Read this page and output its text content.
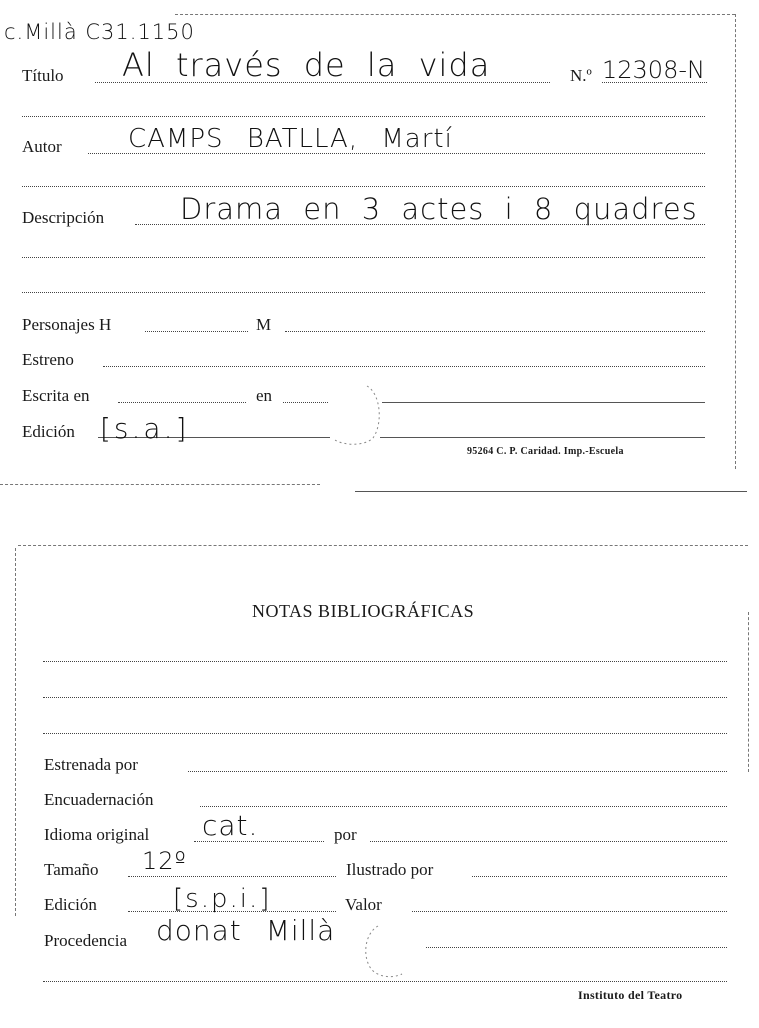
c.Millà C31.1150
Título Al través de la vida	N.º 12308-N
Autor	CAMPS BATLLA, Martí
Descripción	Drama en 3 actes i 8 quadres
Personajes H	M
Estreno
Escrita en	en
Edición [s.a.]
95264 C. P. Caridad. Imp.-Escuela
NOTAS BIBLIOGRÁFICAS
Estrenada por
Encuadernación
Idioma original cat.	por
Tamaño 12º	Ilustrado por
Edición	[s.p.i.]	Valor
Procedencia donat Millà
Instituto del Teatro
